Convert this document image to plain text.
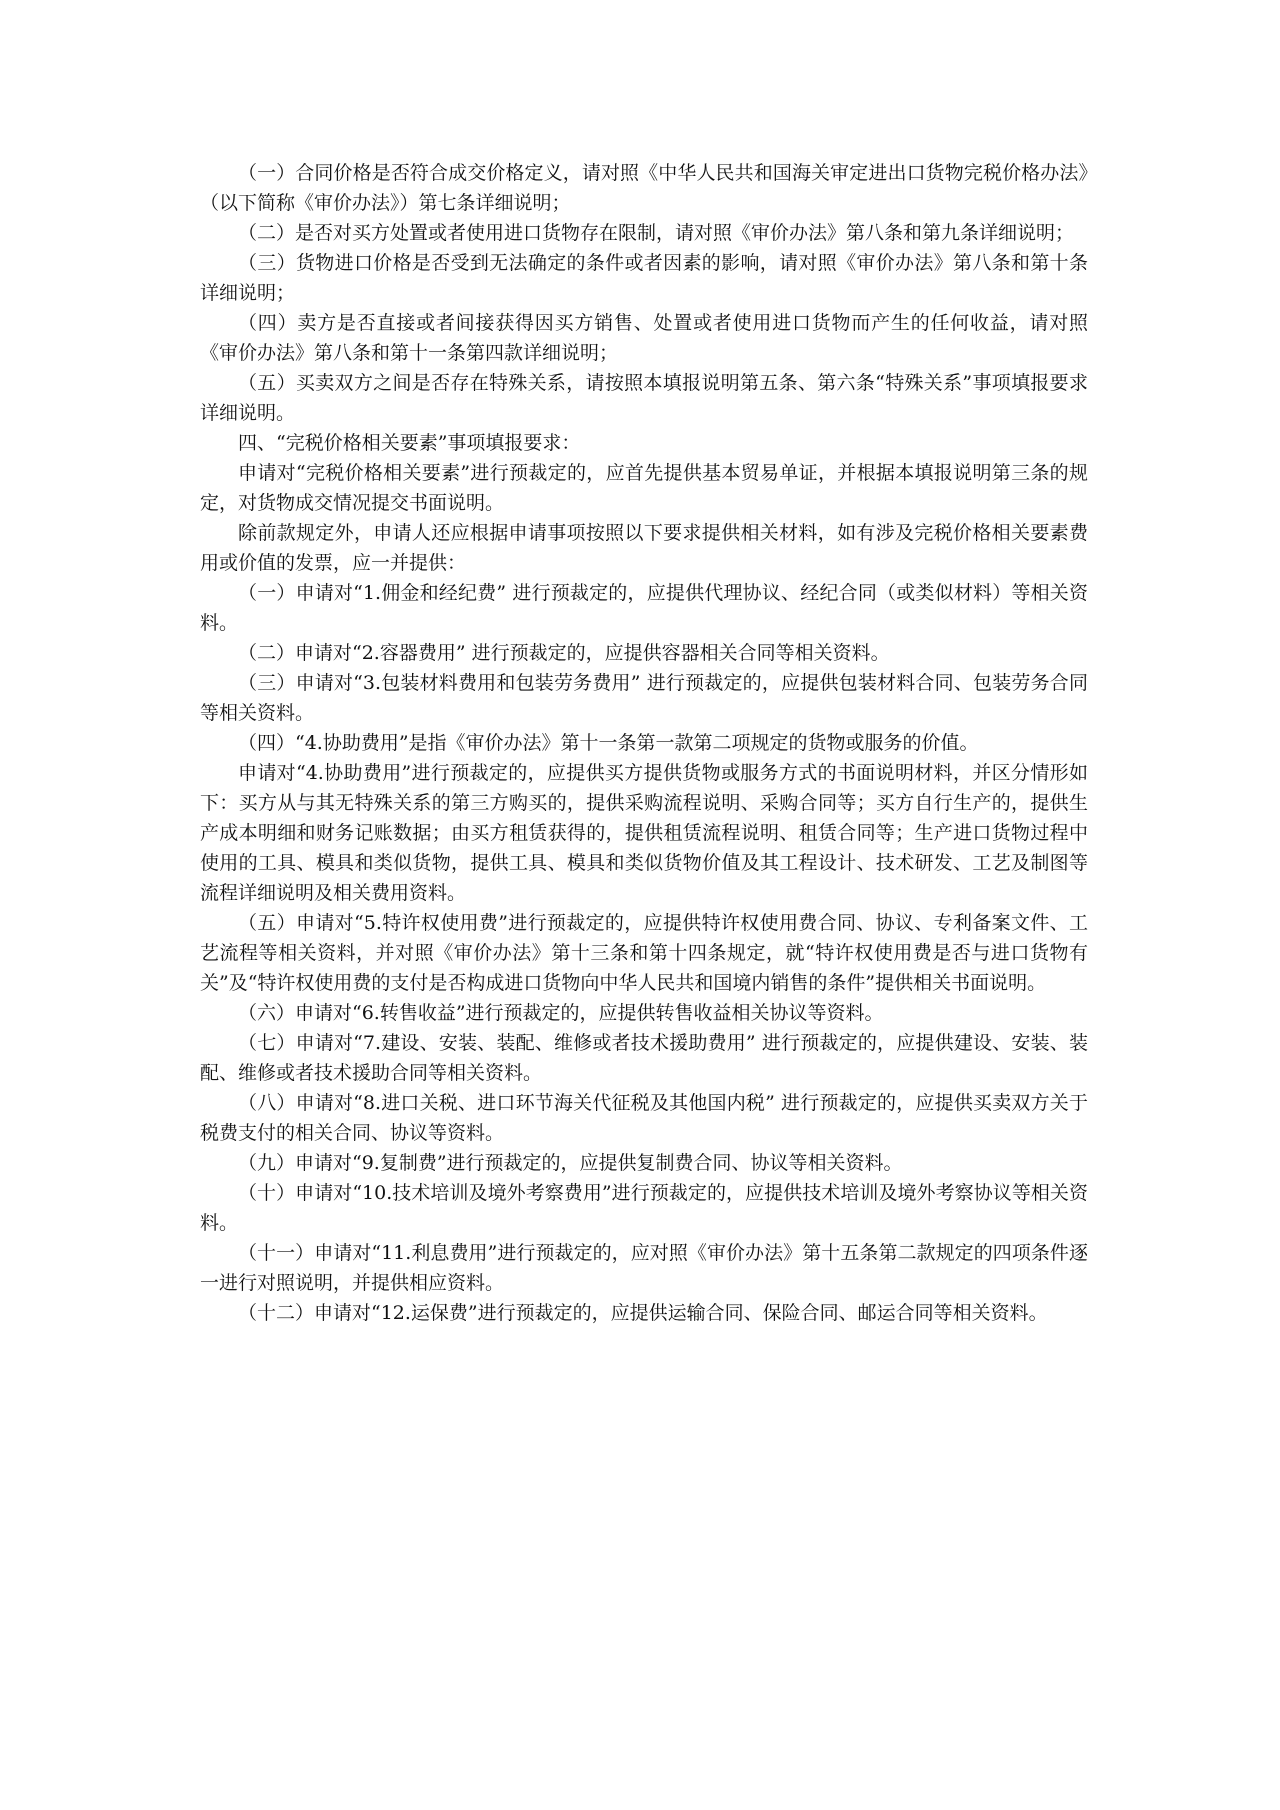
（一）合同价格是否符合成交价格定义，请对照《中华人民共和国海关审定进出口货物完税价格办法》（以下简称《审价办法》）第七条详细说明；

（二）是否对买方处置或者使用进口货物存在限制，请对照《审价办法》第八条和第九条详细说明；

（三）货物进口价格是否受到无法确定的条件或者因素的影响，请对照《审价办法》第八条和第十条详细说明；

（四）卖方是否直接或者间接获得因买方销售、处置或者使用进口货物而产生的任何收益，请对照《审价办法》第八条和第十一条第四款详细说明；

（五）买卖双方之间是否存在特殊关系，请按照本填报说明第五条、第六条“特殊关系”事项填报要求详细说明。

四、“完税价格相关要素”事项填报要求：

申请对“完税价格相关要素”进行预裁定的，应首先提供基本贸易单证，并根据本填报说明第三条的规定，对货物成交情况提交书面说明。

除前款规定外，申请人还应根据申请事项按照以下要求提供相关材料，如有涉及完税价格相关要素费用或价值的发票，应一并提供：

（一）申请对“1.佣金和经纪费” 进行预裁定的，应提供代理协议、经纪合同（或类似材料）等相关资料。

（二）申请对“2.容器费用” 进行预裁定的，应提供容器相关合同等相关资料。

（三）申请对“3.包装材料费用和包装劳务费用” 进行预裁定的，应提供包装材料合同、包装劳务合同等相关资料。

（四）“4.协助费用”是指《审价办法》第十一条第一款第二项规定的货物或服务的价值。

申请对“4.协助费用”进行预裁定的，应提供买方提供货物或服务方式的书面说明材料，并区分情形如下：买方从与其无特殊关系的第三方购买的，提供采购流程说明、采购合同等；买方自行生产的，提供生产成本明细和财务记账数据；由买方租赁获得的，提供租赁流程说明、租赁合同等；生产进口货物过程中使用的工具、模具和类似货物，提供工具、模具和类似货物价值及其工程设计、技术研发、工艺及制图等流程详细说明及相关费用资料。

（五）申请对“5.特许权使用费”进行预裁定的，应提供特许权使用费合同、协议、专利备案文件、工艺流程等相关资料，并对照《审价办法》第十三条和第十四条规定，就“特许权使用费是否与进口货物有关”及“特许权使用费的支付是否构成进口货物向中华人民共和国境内销售的条件”提供相关书面说明。

（六）申请对“6.转售收益”进行预裁定的，应提供转售收益相关协议等资料。

（七）申请对“7.建设、安装、装配、维修或者技术援助费用” 进行预裁定的，应提供建设、安装、装配、维修或者技术援助合同等相关资料。

（八）申请对“8.进口关税、进口环节海关代征税及其他国内税” 进行预裁定的，应提供买卖双方关于税费支付的相关合同、协议等资料。

（九）申请对“9.复制费”进行预裁定的，应提供复制费合同、协议等相关资料。

（十）申请对“10.技术培训及境外考察费用”进行预裁定的，应提供技术培训及境外考察协议等相关资料。

（十一）申请对“11.利息费用”进行预裁定的，应对照《审价办法》第十五条第二款规定的四项条件逐一进行对照说明，并提供相应资料。

（十二）申请对“12.运保费”进行预裁定的，应提供运输合同、保险合同、邮运合同等相关资料。
